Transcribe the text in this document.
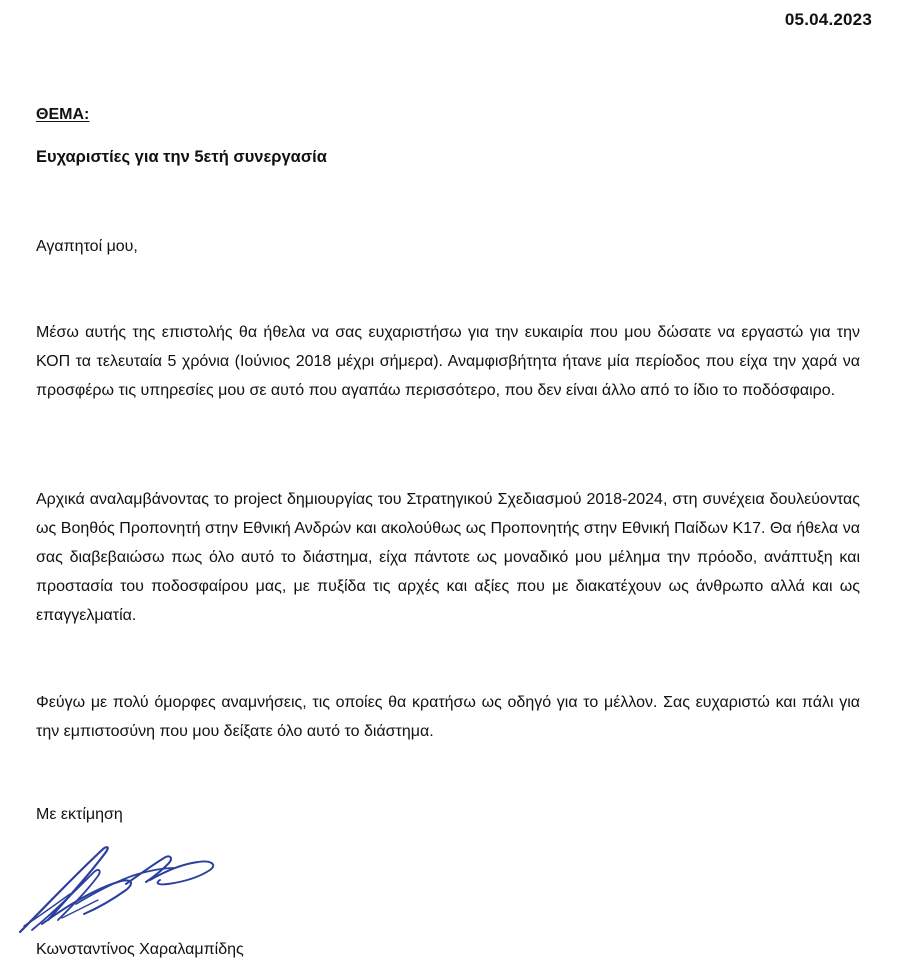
05.04.2023
ΘΕΜΑ:
Ευχαριστίες για την 5ετή συνεργασία
Αγαπητοί μου,

Μέσω αυτής της επιστολής θα ήθελα να σας ευχαριστήσω για την ευκαιρία που μου δώσατε να εργαστώ για την ΚΟΠ τα τελευταία 5 χρόνια (Ιούνιος 2018 μέχρι σήμερα). Αναμφισβήτητα ήτανε μία περίοδος που είχα την χαρά να προσφέρω τις υπηρεσίες μου σε αυτό που αγαπάω περισσότερο, που δεν είναι άλλο από το ίδιο το ποδόσφαιρο.

Αρχικά αναλαμβάνοντας το project δημιουργίας του Στρατηγικού Σχεδιασμού 2018-2024, στη συνέχεια δουλεύοντας ως Βοηθός Προπονητή στην Εθνική Ανδρών και ακολούθως ως Προπονητής στην Εθνική Παίδων Κ17. Θα ήθελα να σας διαβεβαιώσω πως όλο αυτό το διάστημα, είχα πάντοτε ως μοναδικό μου μέλημα την πρόοδο, ανάπτυξη και προστασία του ποδοσφαίρου μας, με πυξίδα τις αρχές και αξίες που με διακατέχουν ως άνθρωπο αλλά και ως επαγγελματία.

Φεύγω με πολύ όμορφες αναμνήσεις, τις οποίες θα κρατήσω ως οδηγό για το μέλλον. Σας ευχαριστώ και πάλι για την εμπιστοσύνη που μου δείξατε όλο αυτό το διάστημα.

Με εκτίμηση
Κωνσταντίνος Χαραλαμπίδης
